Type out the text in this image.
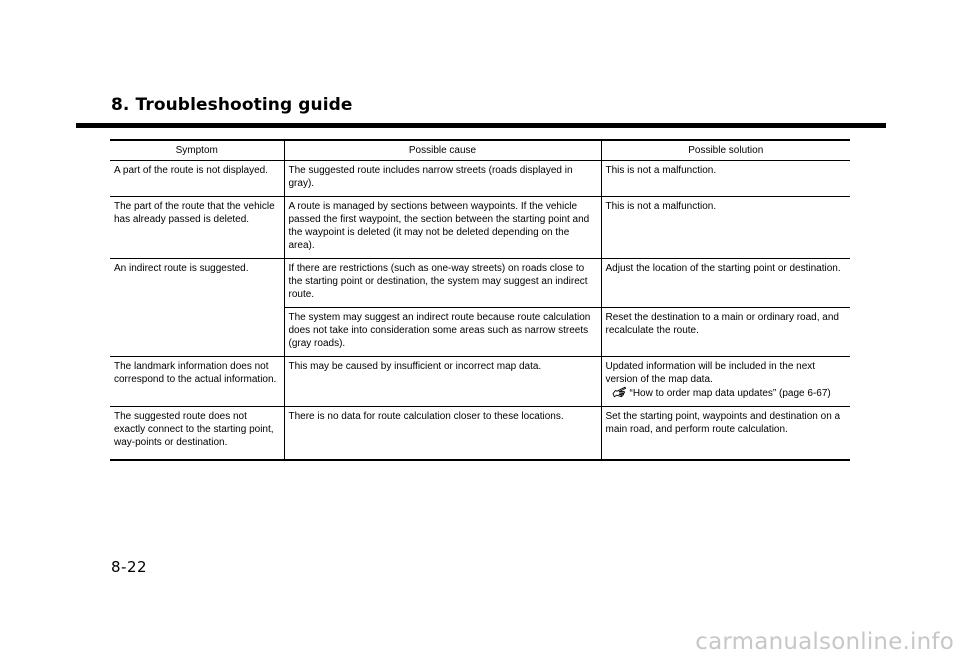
8. Troubleshooting guide
Symptom	Possible cause	Possible solution
A part of the route is not displayed.	The suggested route includes narrow streets (roads displayed in gray).	This is not a malfunction.
The part of the route that the vehicle has already passed is deleted.	A route is managed by sections between waypoints. If the vehicle passed the first waypoint, the section between the starting point and the waypoint is deleted (it may not be deleted depending on the area).	This is not a malfunction.
An indirect route is suggested.	If there are restrictions (such as one-way streets) on roads close to the starting point or destination, the system may suggest an indirect route.	Adjust the location of the starting point or destination.
	The system may suggest an indirect route because route calculation does not take into consideration some areas such as narrow streets (gray roads).	Reset the destination to a main or ordinary road, and recalculate the route.
The landmark information does not correspond to the actual information.	This may be caused by insufficient or incorrect map data.	Updated information will be included in the next version of the map data.
“How to order map data updates” (page 6-67)

The suggested route does not exactly connect to the starting point, way-points or destination.	There is no data for route calculation closer to these locations.	Set the starting point, waypoints and destination on a main road, and perform route calculation.
8-22
carmanualsonline.info
